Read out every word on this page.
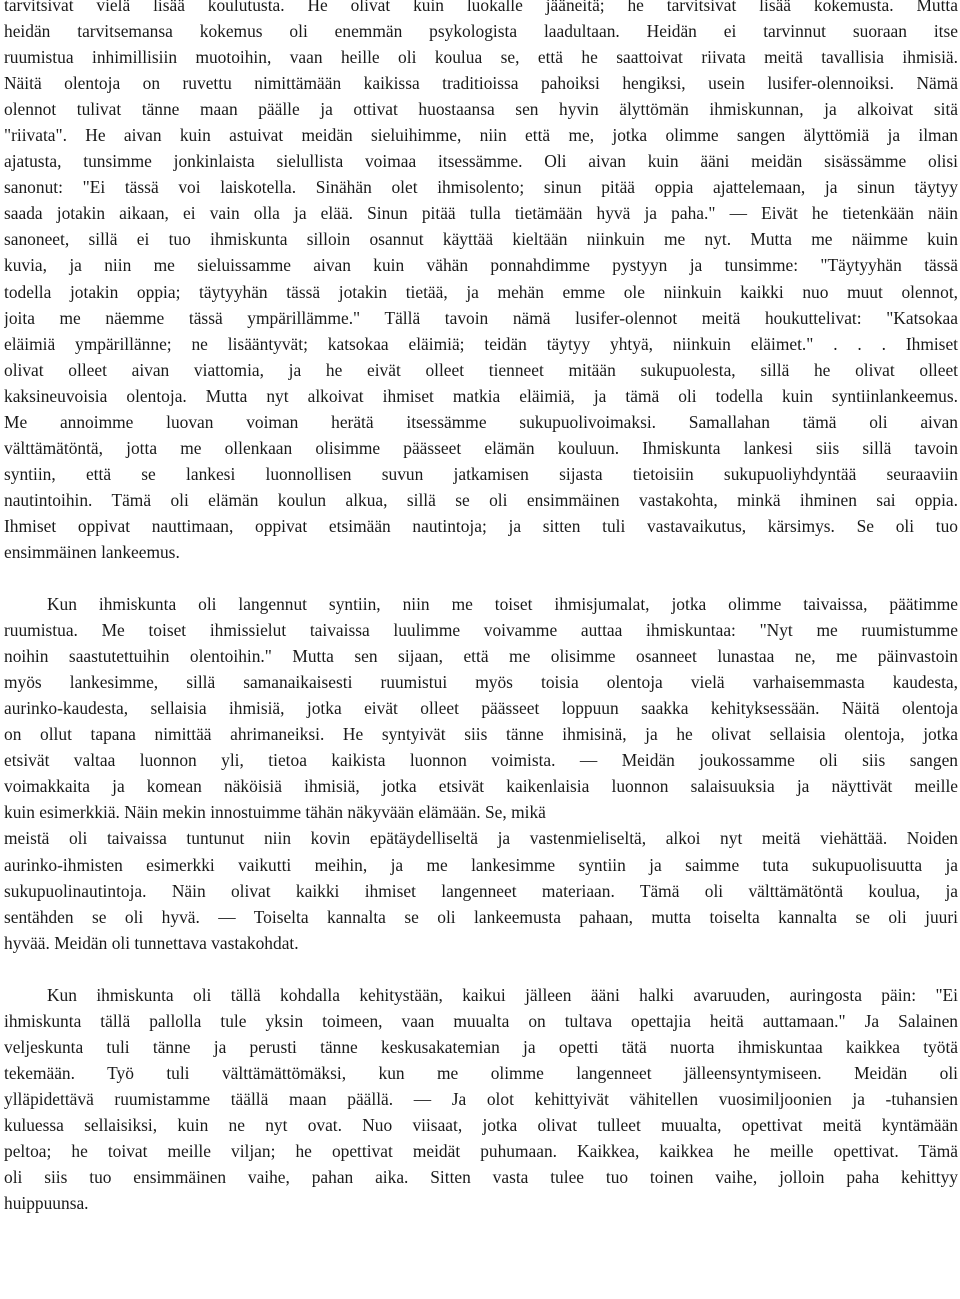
tarvitsivat vielä lisää koulutusta. He olivat kuin luokalle jääneitä; he tarvitsivat lisää kokemusta. Mutta
heidän tarvitsemansa kokemus oli enemmän psykologista laadultaan. Heidän ei tarvinnut suoraan itse
ruumistua inhimillisiin muotoihin, vaan heille oli koulua se, että he saattoivat riivata meitä tavallisia ihmisiä.
Näitä olentoja on ruvettu nimittämään kaikissa traditioissa pahoiksi hengiksi, usein lusifer-olennoiksi. Nämä
olennot tulivat tänne maan päälle ja ottivat huostaansa sen hyvin älyttömän ihmiskunnan, ja alkoivat sitä
"riivata". He aivan kuin astuivat meidän sieluihimme, niin että me, jotka olimme sangen älyttömiä ja ilman
ajatusta, tunsimme jonkinlaista sielullista voimaa itsessämme. Oli aivan kuin ääni meidän sisässämme olisi
sanonut: "Ei tässä voi laiskotella. Sinähän olet ihmisolento; sinun pitää oppia ajattelemaan, ja sinun täytyy
saada jotakin aikaan, ei vain olla ja elää. Sinun pitää tulla tietämään hyvä ja paha." — Eivät he tietenkään näin
sanoneet, sillä ei tuo ihmiskunta silloin osannut käyttää kieltään niinkuin me nyt. Mutta me näimme kuin
kuvia, ja niin me sieluissamme aivan kuin vähän ponnahdimme pystyyn ja tunsimme: "Täytyyhän tässä
todella jotakin oppia; täytyyhän tässä jotakin tietää, ja mehän emme ole niinkuin kaikki nuo muut olennot,
joita me näemme tässä ympärillämme." Tällä tavoin nämä lusifer-olennot meitä houkuttelivat: "Katsokaa
eläimiä ympärillänne; ne lisääntyvät; katsokaa eläimiä; teidän täytyy yhtyä, niinkuin eläimet." . . . Ihmiset
olivat olleet aivan viattomia, ja he eivät olleet tienneet mitään sukupuolesta, sillä he olivat olleet
kaksineuvoisia olentoja. Mutta nyt alkoivat ihmiset matkia eläimiä, ja tämä oli todella kuin syntiinlankeemus.
Me annoimme luovan voiman herätä itsessämme sukupuolivoimaksi. Samallahan tämä oli aivan
välttämätöntä, jotta me ollenkaan olisimme päässeet elämän kouluun. Ihmiskunta lankesi siis sillä tavoin
syntiin, että se lankesi luonnollisen suvun jatkamisen sijasta tietoisiin sukupuoliyhdyntää seuraaviin
nautintoihin. Tämä oli elämän koulun alkua, sillä se oli ensimmäinen vastakohta, minkä ihminen sai oppia.
Ihmiset oppivat nauttimaan, oppivat etsimään nautintoja; ja sitten tuli vastavaikutus, kärsimys. Se oli tuo
ensimmäinen lankeemus.
Kun ihmiskunta oli langennut syntiin, niin me toiset ihmisjumalat, jotka olimme taivaissa, päätimme
ruumistua. Me toiset ihmissielut taivaissa luulimme voivamme auttaa ihmiskuntaa: "Nyt me ruumistumme
noihin saastutettuihin olentoihin." Mutta sen sijaan, että me olisimme osanneet lunastaa ne, me päinvastoin
myös lankesimme, sillä samanaikaisesti ruumistui myös toisia olentoja vielä varhaisemmasta kaudesta,
aurinko-kaudesta, sellaisia ihmisiä, jotka eivät olleet päässeet loppuun saakka kehityksessään. Näitä olentoja
on ollut tapana nimittää ahrimaneiksi. He syntyivät siis tänne ihmisinä, ja he olivat sellaisia olentoja, jotka
etsivät valtaa luonnon yli, tietoa kaikista luonnon voimista. — Meidän joukossamme oli siis sangen
voimakkaita ja komean näköisiä ihmisiä, jotka etsivät kaikenlaisia luonnon salaisuuksia ja näyttivät meille
kuin esimerkkiä. Näin mekin innostuimme tähän näkyvään elämään. Se, mikä
meistä oli taivaissa tuntunut niin kovin epätäydelliseltä ja vastenmieliseltä, alkoi nyt meitä viehättää. Noiden
aurinko-ihmisten esimerkki vaikutti meihin, ja me lankesimme syntiin ja saimme tuta sukupuolisuutta ja
sukupuolinautintoja. Näin olivat kaikki ihmiset langenneet materiaan. Tämä oli välttämätöntä koulua, ja
sentähden se oli hyvä. — Toiselta kannalta se oli lankeemusta pahaan, mutta toiselta kannalta se oli juuri
hyvää. Meidän oli tunnettava vastakohdat.
Kun ihmiskunta oli tällä kohdalla kehitystään, kaikui jälleen ääni halki avaruuden, auringosta päin: "Ei
ihmiskunta tällä pallolla tule yksin toimeen, vaan muualta on tultava opettajia heitä auttamaan." Ja Salainen
veljeskunta tuli tänne ja perusti tänne keskusakatemian ja opetti tätä nuorta ihmiskuntaa kaikkea työtä
tekemään. Työ tuli välttämättömäksi, kun me olimme langenneet jälleensyntymiseen. Meidän oli
ylläpidettävä ruumistamme täällä maan päällä. — Ja olot kehittyivät vähitellen vuosimiljoonien ja -tuhansien
kuluessa sellaisiksi, kuin ne nyt ovat. Nuo viisaat, jotka olivat tulleet muualta, opettivat meitä kyntämään
peltoa; he toivat meille viljan; he opettivat meidät puhumaan. Kaikkea, kaikkea he meille opettivat. Tämä
oli siis tuo ensimmäinen vaihe, pahan aika. Sitten vasta tulee tuo toinen vaihe, jolloin paha kehittyy
huippuunsa.
